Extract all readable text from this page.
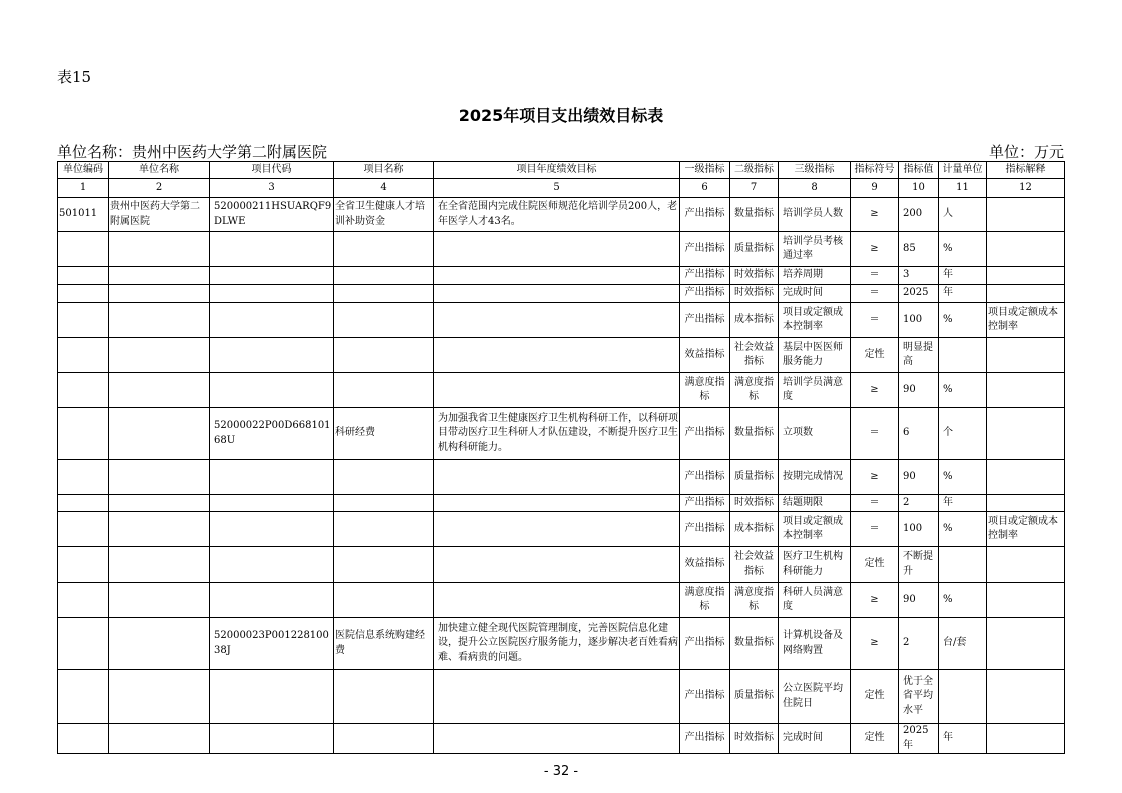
表15
2025年项目支出绩效目标表
单位名称：贵州中医药大学第二附属医院	单位：万元
单位编码	单位名称	项目代码	项目名称	项目年度绩效目标	一级指标	二级指标	三级指标	指标符号	指标值	计量单位	指标解释
1	2	3	4	5	6	7	8	9	10	11	12
501011	贵州中医药大学第二附属医院	520000211HSUARQF9DLWE	全省卫生健康人才培训补助资金	在全省范围内完成住院医师规范化培训学员200人，老年医学人才43名。	产出指标	数量指标	培训学员人数	≥	200	人	
					产出指标	质量指标	培训学员考核通过率	≥	85	%	
					产出指标	时效指标	培养周期	＝	3	年	
					产出指标	时效指标	完成时间	＝	2025	年	
					产出指标	成本指标	项目或定额成本控制率	＝	100	%	项目或定额成本控制率
					效益指标	社会效益指标	基层中医医师服务能力	定性	明显提高		
					满意度指标	满意度指标	培训学员满意度	≥	90	%	
		52000022P00D66810168U	科研经费	为加强我省卫生健康医疗卫生机构科研工作，以科研项目带动医疗卫生科研人才队伍建设，不断提升医疗卫生机构科研能力。	产出指标	数量指标	立项数	＝	6	个	
					产出指标	质量指标	按期完成情况	≥	90	%	
					产出指标	时效指标	结题期限	＝	2	年	
					产出指标	成本指标	项目或定额成本控制率	＝	100	%	项目或定额成本控制率
					效益指标	社会效益指标	医疗卫生机构科研能力	定性	不断提升		
					满意度指标	满意度指标	科研人员满意度	≥	90	%	
		52000023P00122810038J	医院信息系统购建经费	加快建立健全现代医院管理制度，完善医院信息化建设，提升公立医院医疗服务能力，逐步解决老百姓看病难、看病贵的问题。	产出指标	数量指标	计算机设备及网络购置	≥	2	台/套	
					产出指标	质量指标	公立医院平均住院日	定性	优于全省平均水平		
					产出指标	时效指标	完成时间	定性	2025年	年	
- 32 -
